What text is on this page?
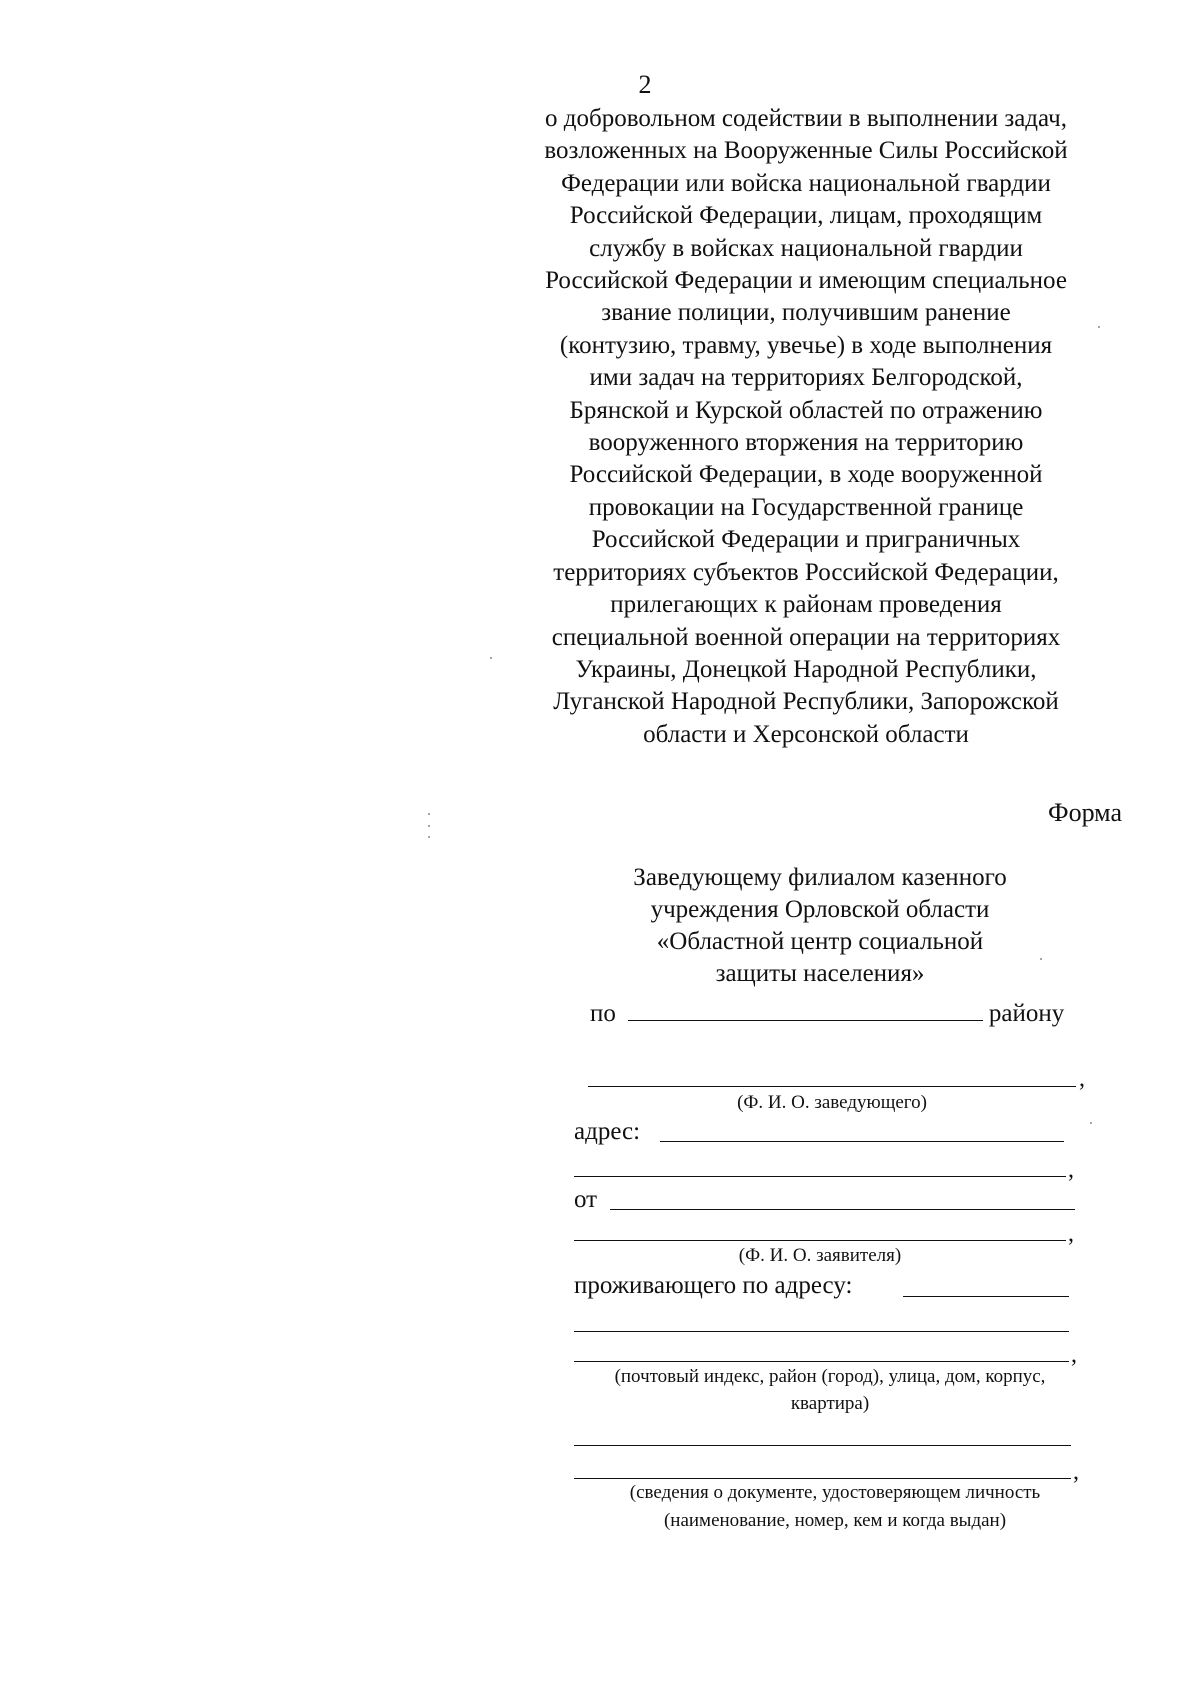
2
о добровольном содействии в выполнении задач,
возложенных на Вооруженные Силы Российской
Федерации или войска национальной гвардии
Российской Федерации, лицам, проходящим
службу в войсках национальной гвардии
Российской Федерации и имеющим специальное
звание полиции, получившим ранение
(контузию, травму, увечье) в ходе выполнения
ими задач на территориях Белгородской,
Брянской и Курской областей по отражению
вооруженного вторжения на территорию
Российской Федерации, в ходе вооруженной
провокации на Государственной границе
Российской Федерации и приграничных
территориях субъектов Российской Федерации,
прилегающих к районам проведения
специальной военной операции на территориях
Украины, Донецкой Народной Республики,
Луганской Народной Республики, Запорожской
области и Херсонской области
Форма
Заведующему филиалом казенного
учреждения Орловской области
«Областной центр социальной
защиты населения»
по	району
,
(Ф. И. О. заведующего)
адрес:
,
от
,
(Ф. И. О. заявителя)
проживающего по адресу:
,
(почтовый индекс, район (город), улица, дом, корпус,
квартира)
,
(сведения о документе, удостоверяющем личность
(наименование, номер, кем и когда выдан)
